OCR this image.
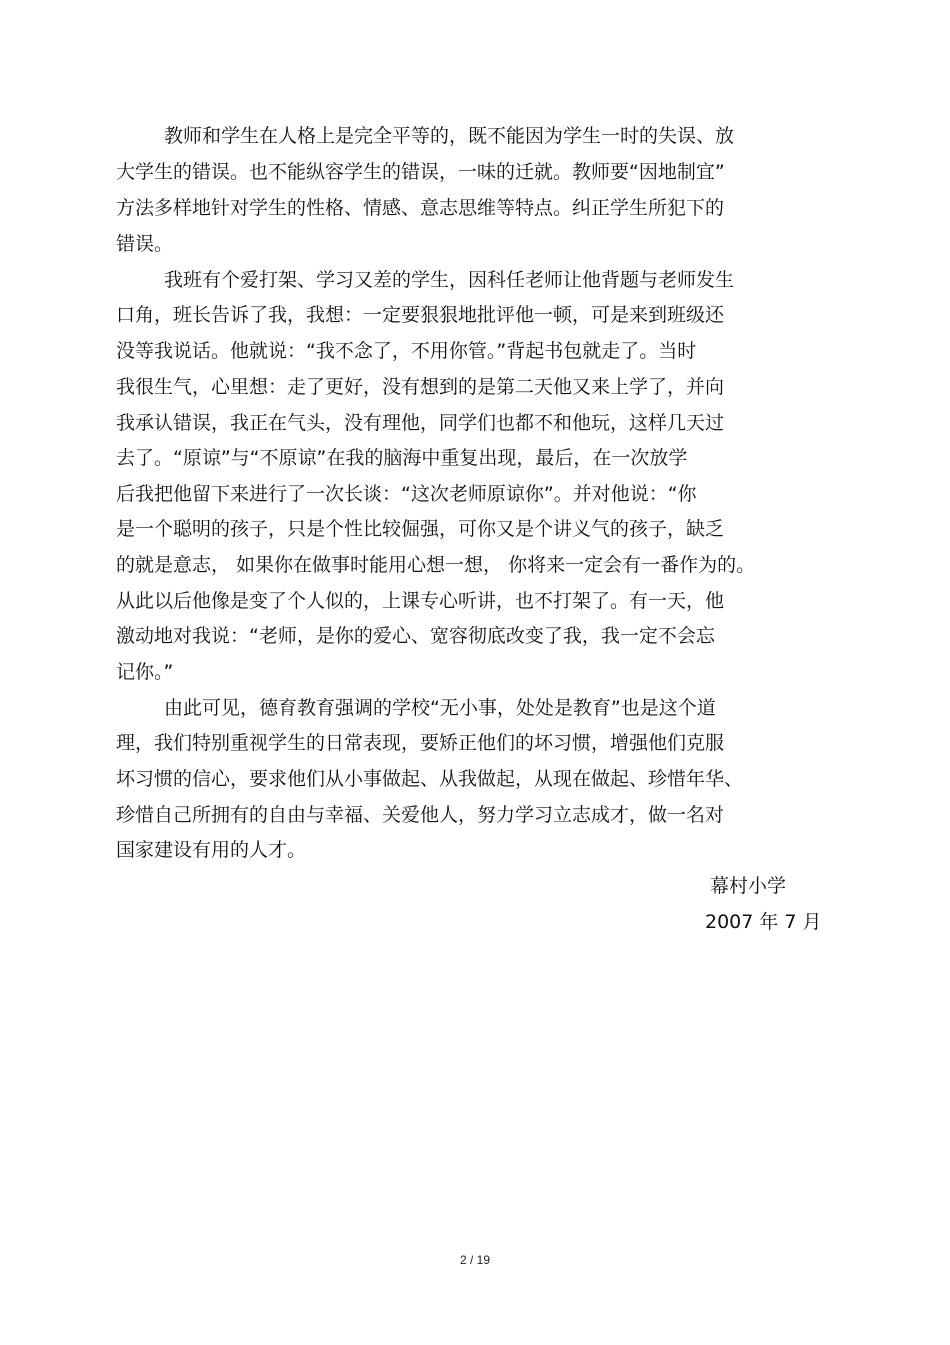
教师和学生在人格上是完全平等的，既不能因为学生一时的失误、放
大学生的错误。也不能纵容学生的错误，一味的迁就。教师要“因地制宜”
方法多样地针对学生的性格、情感、意志思维等特点。纠正学生所犯下的
错误。
我班有个爱打架、学习又差的学生，因科任老师让他背题与老师发生
口角，班长告诉了我，我想：一定要狠狠地批评他一顿，可是来到班级还
没等我说话。他就说：“我不念了，不用你管。”背起书包就走了。当时
我很生气，心里想：走了更好，没有想到的是第二天他又来上学了，并向
我承认错误，我正在气头，没有理他，同学们也都不和他玩，这样几天过
去了。“原谅”与“不原谅”在我的脑海中重复出现，最后，在一次放学
后我把他留下来进行了一次长谈：“这次老师原谅你”。并对他说：“你
是一个聪明的孩子，只是个性比较倔强，可你又是个讲义气的孩子，缺乏
的就是意志， 如果你在做事时能用心想一想， 你将来一定会有一番作为的。
从此以后他像是变了个人似的，上课专心听讲，也不打架了。有一天，他
激动地对我说：“老师，是你的爱心、宽容彻底改变了我，我一定不会忘
记你。”
由此可见，德育教育强调的学校“无小事，处处是教育”也是这个道
理，我们特别重视学生的日常表现，要矫正他们的坏习惯，增强他们克服
坏习惯的信心，要求他们从小事做起、从我做起，从现在做起、珍惜年华、
珍惜自己所拥有的自由与幸福、关爱他人，努力学习立志成才，做一名对
国家建设有用的人才。
幕村小学
2007 年 7 月
2 / 19
